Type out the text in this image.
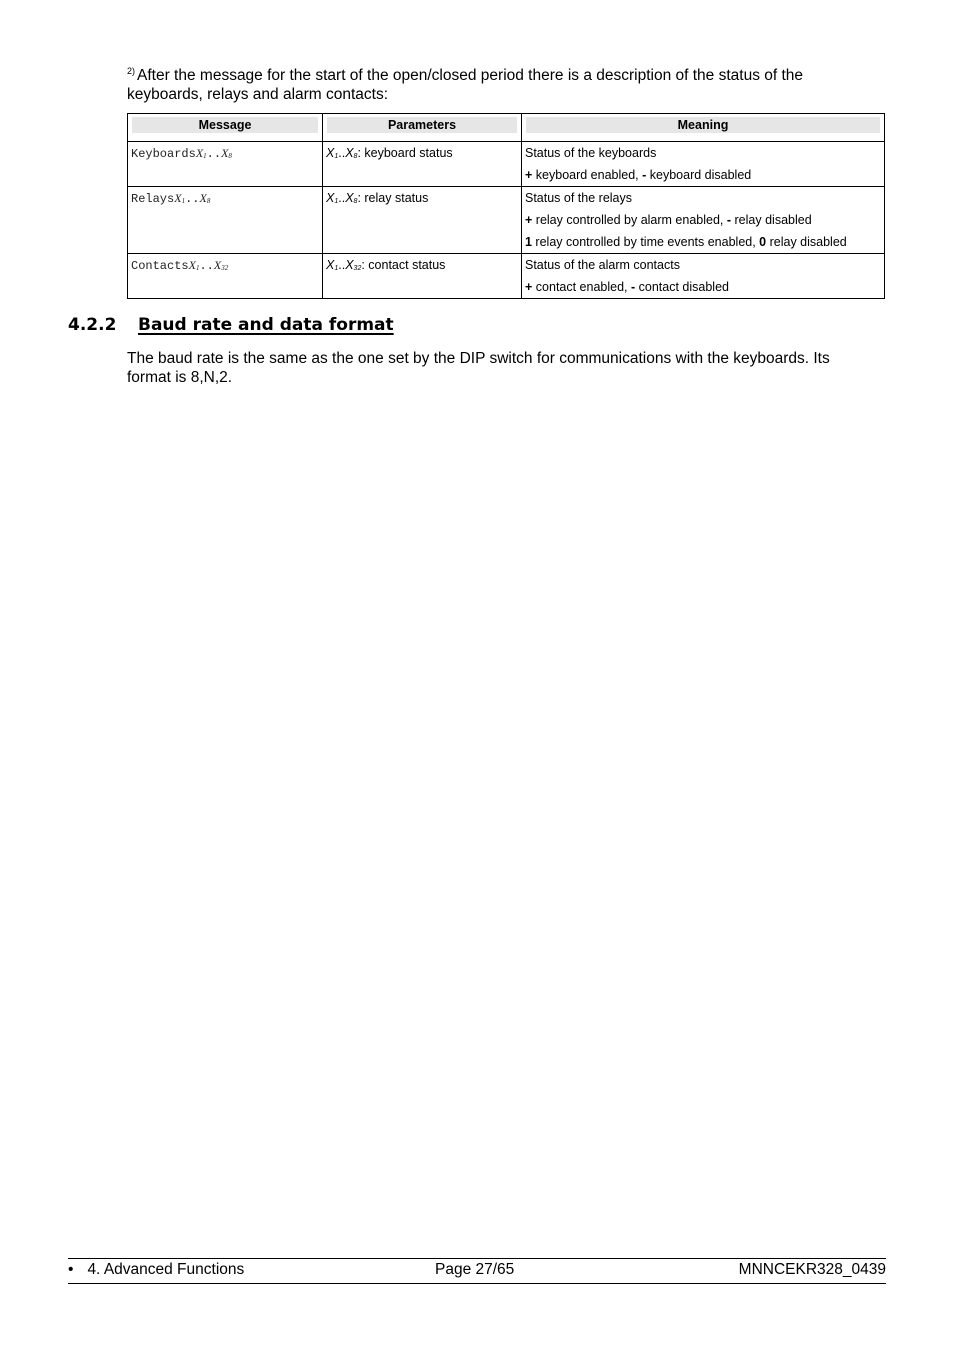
$^{2)}$ After the message for the start of the open/closed period there is a description of the status of the keyboards, relays and alarm contacts:
Message	Parameters	Meaning

$KeyboardsX_1..X_8$	$X_1..X_8$: keyboard status	Status of the keyboards
+ keyboard enabled, - keyboard disabled

$RelaysX_1..X_8$	$X_1..X_8$: relay status	Status of the relays
+ relay controlled by alarm enabled, - relay disabled
1 relay controlled by time events enabled, 0 relay disabled

$ContactsX_1..X_{32}$	$X_1..X_{32}$: contact status	Status of the alarm contacts
+ contact enabled, - contact disabled
4.2.2 Baud rate and data format
The baud rate is the same as the one set by the DIP switch for communications with the keyboards. Its format is 8,N,2.
• 4. Advanced Functions	Page 27/65	MNNCEKR328_0439
